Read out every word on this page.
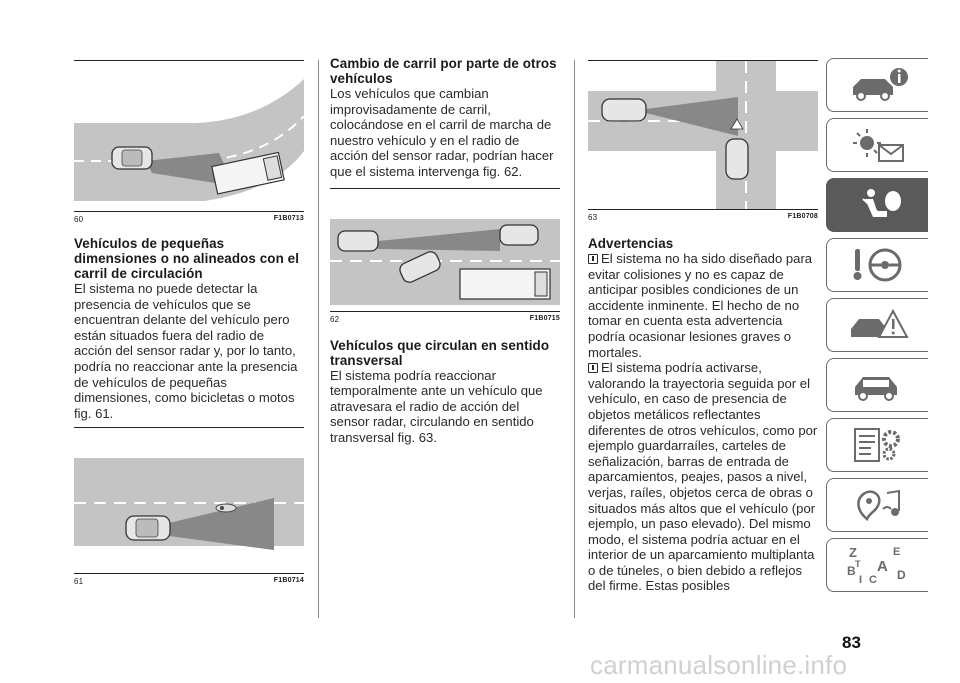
60	F1B0713
Vehículos de pequeñas dimensiones o no alineados con el carril de circulación

El sistema no puede detectar la presencia de vehículos que se encuentran delante del vehículo pero están situados fuera del radio de acción del sensor radar y, por lo tanto, podría no reaccionar ante la presencia de vehículos de pequeñas dimensiones, como bicicletas o motos fig. 61.

61	F1B0714
Cambio de carril por parte de otros vehículos

Los vehículos que cambian improvisadamente de carril, colocándose en el carril de marcha de nuestro vehículo y en el radio de acción del sensor radar, podrían hacer que el sistema intervenga fig. 62.

62	F1B0715
Vehículos que circulan en sentido transversal

El sistema podría reaccionar temporalmente ante un vehículo que atravesara el radio de acción del sensor radar, circulando en sentido transversal fig. 63.

63	F1B0708
Advertencias

El sistema no ha sido diseñado para evitar colisiones y no es capaz de anticipar posibles condiciones de un accidente inminente. El hecho de no tomar en cuenta esta advertencia podría ocasionar lesiones graves o mortales.

El sistema podría activarse, valorando la trayectoria seguida por el vehículo, en caso de presencia de objetos metálicos reflectantes diferentes de otros vehículos, como por ejemplo guardarraíles, carteles de señalización, barras de entrada de aparcamientos, peajes, pasos a nivel, verjas, raíles, objetos cerca de obras o situados más altos que el vehículo (por ejemplo, un paso elevado). Del mismo modo, el sistema podría actuar en el interior de un aparcamiento multiplanta o de túneles, o bien debido a reflejos del firme. Estas posibles

Z	E
B A
I C
T
D
83
carmanualsonline.info
